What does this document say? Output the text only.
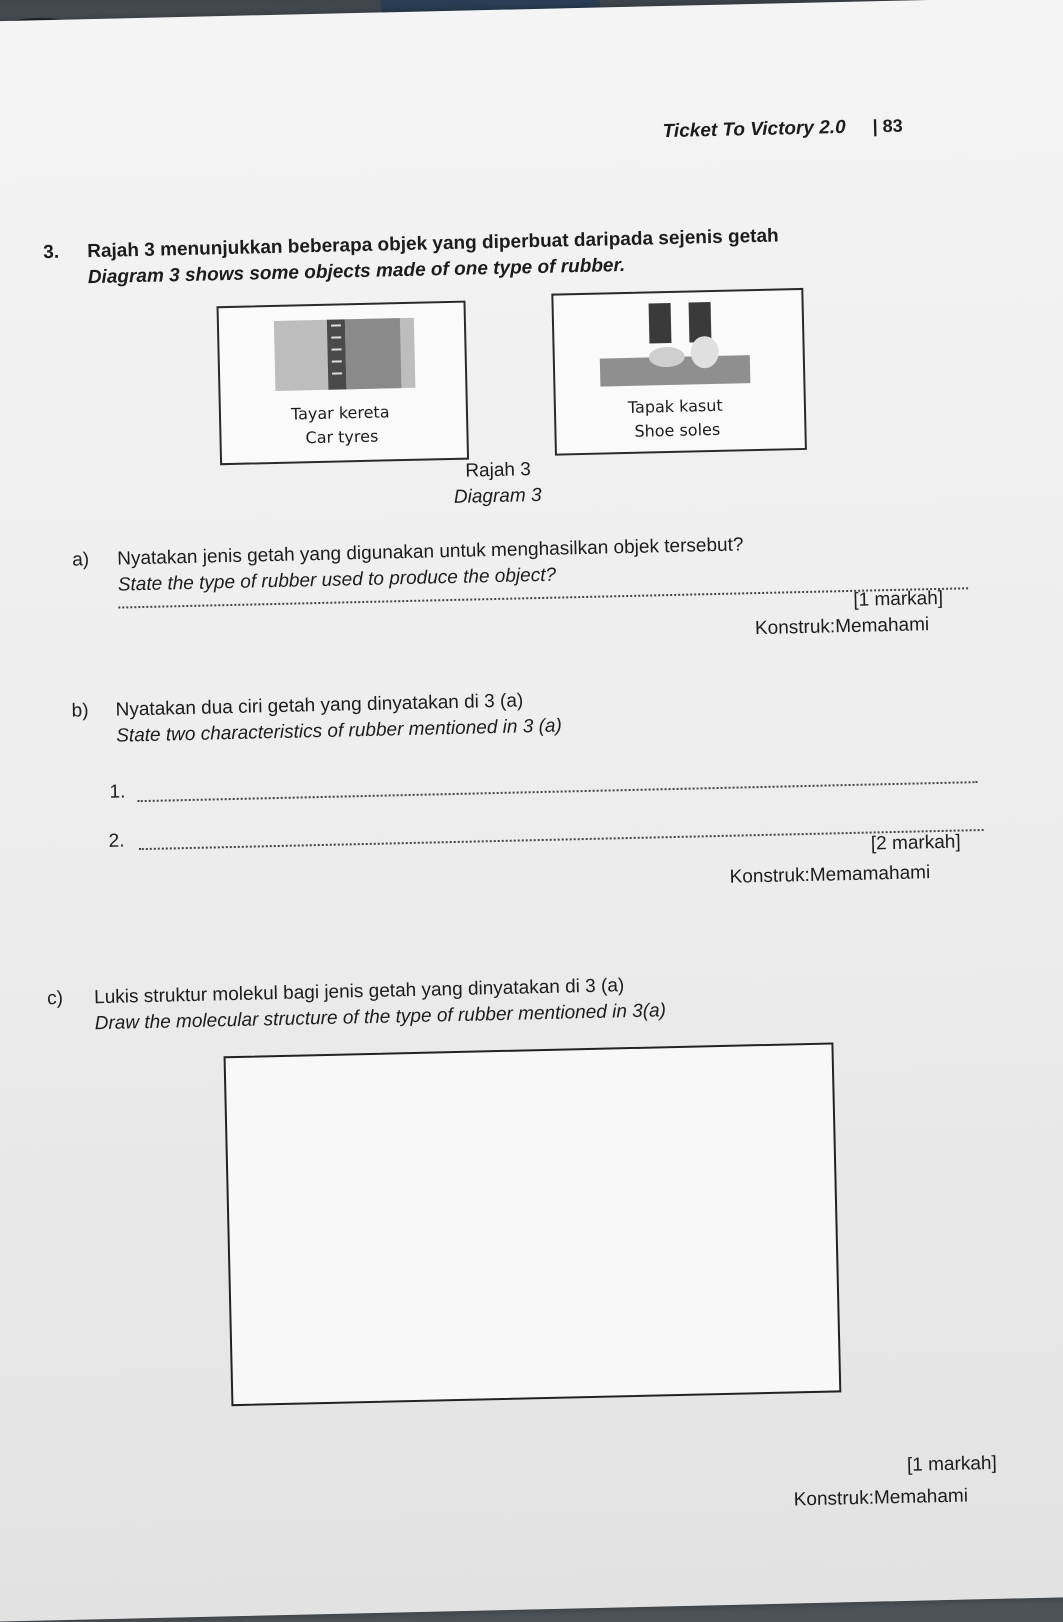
Ticket To Victory 2.0 | 83
3. Rajah 3 menunjukkan beberapa objek yang diperbuat daripada sejenis getah
Diagram 3 shows some objects made of one type of rubber.
Tayar kereta
Car tyres
Tapak kasut
Shoe soles
Rajah 3
Diagram 3
a) Nyatakan jenis getah yang digunakan untuk menghasilkan objek tersebut?
State the type of rubber used to produce the object?
[1 markah]
Konstruk:Memahami
b) Nyatakan dua ciri getah yang dinyatakan di 3 (a)
State two characteristics of rubber mentioned in 3 (a)
1.
2.	[2 markah]
Konstruk:Memamahami
c) Lukis struktur molekul bagi jenis getah yang dinyatakan di 3 (a)
Draw the molecular structure of the type of rubber mentioned in 3(a)
[1 markah]
Konstruk:Memahami
